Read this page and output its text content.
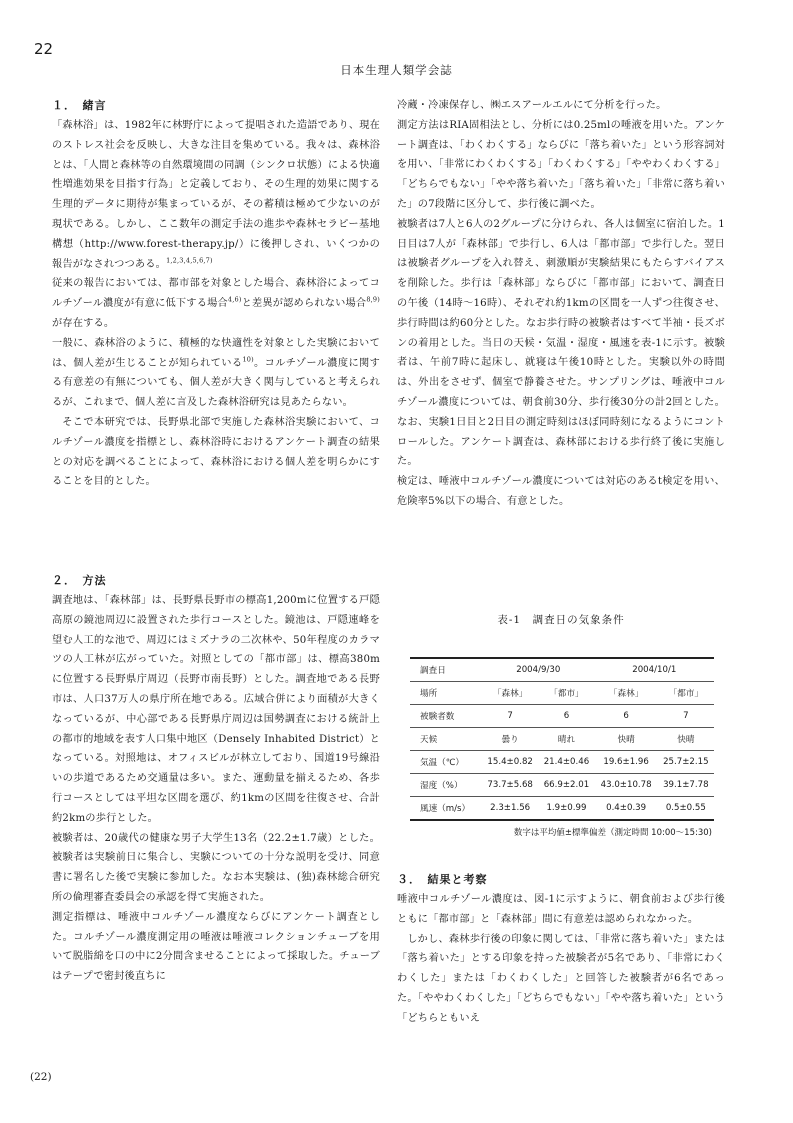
22
日本生理人類学会誌
１．　緒言

「森林浴」は、1982年に林野庁によって提唱された造語であり、現在のストレス社会を反映し、大きな注目を集めている。我々は、森林浴とは、「人間と森林等の自然環境間の同調（シンクロ状態）による快適性増進効果を目指す行為」と定義しており、その生理的効果に関する生理的データに期待が集まっているが、その蓄積は極めて少ないのが現状である。しかし、ここ数年の測定手法の進歩や森林セラピー基地構想（http://www.forest-therapy.jp/）に後押しされ、いくつかの報告がなされつつある。$^{1,2,3,4,5,6,7)}$

従来の報告においては、都市部を対象とした場合、森林浴によってコルチゾール濃度が有意に低下する場合$^{4,6)}$と差異が認められない場合$^{8,9)}$が存在する。

一般に、森林浴のように、積極的な快適性を対象とした実験においては、個人差が生じることが知られている$^{10)}$。コルチゾール濃度に関する有意差の有無についても、個人差が大きく関与していると考えられるが、これまで、個人差に言及した森林浴研究は見あたらない。

そこで本研究では、長野県北部で実施した森林浴実験において、コルチゾール濃度を指標とし、森林浴時におけるアンケート調査の結果との対応を調べることによって、森林浴における個人差を明らかにすることを目的とした。

２．　方法

調査地は、「森林部」は、長野県長野市の標高1,200mに位置する戸隠高原の鏡池周辺に設置された歩行コースとした。鏡池は、戸隠連峰を望む人工的な池で、周辺にはミズナラの二次林や、50年程度のカラマツの人工林が広がっていた。対照としての「都市部」は、標高380mに位置する長野県庁周辺（長野市南長野）とした。調査地である長野市は、人口37万人の県庁所在地である。広域合併により面積が大きくなっているが、中心部である長野県庁周辺は国勢調査における統計上の都市的地域を表す人口集中地区（Densely Inhabited District）となっている。対照地は、オフィスビルが林立しており、国道19号線沿いの歩道であるため交通量は多い。また、運動量を揃えるため、各歩行コースとしては平坦な区間を選び、約1kmの区間を往復させ、合計約2kmの歩行とした。

被験者は、20歳代の健康な男子大学生13名（22.2±1.7歳）とした。被験者は実験前日に集合し、実験についての十分な説明を受け、同意書に署名した後で実験に参加した。なお本実験は、(独)森林総合研究所の倫理審査委員会の承認を得て実施された。

測定指標は、唾液中コルチゾール濃度ならびにアンケート調査とした。コルチゾール濃度測定用の唾液は唾液コレクションチューブを用いて脱脂綿を口の中に2分間含ませることによって採取した。チューブはテープで密封後直ちに

冷蔵・冷凍保存し、㈱エスアールエルにて分析を行った。

測定方法はRIA固相法とし、分析には0.25mlの唾液を用いた。アンケート調査は、「わくわくする」ならびに「落ち着いた」という形容詞対を用い、「非常にわくわくする」「わくわくする」「ややわくわくする」「どちらでもない」「やや落ち着いた」「落ち着いた」「非常に落ち着いた」の7段階に区分して、歩行後に調べた。

被験者は7人と6人の2グループに分けられ、各人は個室に宿泊した。1日目は7人が「森林部」で歩行し、6人は「都市部」で歩行した。翌日は被験者グループを入れ替え、刺激順が実験結果にもたらすバイアスを削除した。歩行は「森林部」ならびに「都市部」において、調査日の午後（14時〜16時）、それぞれ約1kmの区間を一人ずつ往復させ、歩行時間は約60分とした。なお歩行時の被験者はすべて半袖・長ズボンの着用とした。当日の天候・気温・湿度・風速を表-1に示す。被験者は、午前7時に起床し、就寝は午後10時とした。実験以外の時間は、外出をさせず、個室で静養させた。サンプリングは、唾液中コルチゾール濃度については、朝食前30分、歩行後30分の計2回とした。なお、実験1日目と2日目の測定時刻はほぼ同時刻になるようにコントロールした。アンケート調査は、森林部における歩行終了後に実施した。

検定は、唾液中コルチゾール濃度については対応のあるt検定を用い、危険率5%以下の場合、有意とした。

表-1　調査日の気象条件
調査日	2004/9/30		2004/10/1	
場所	「森林」	「都市」	「森林」	「都市」
被験者数	7	6	6	7
天候	曇り	晴れ	快晴	快晴
気温（℃）	15.4±0.82	21.4±0.46	19.6±1.96	25.7±2.15
湿度（%）	73.7±5.68	66.9±2.01	43.0±10.78	39.1±7.78
風速（m/s）	2.3±1.56	1.9±0.99	0.4±0.39	0.5±0.55
数字は平均値±標準偏差（測定時間 10:00〜15:30)
３．　結果と考察

唾液中コルチゾール濃度は、図-1に示すように、朝食前および歩行後ともに「都市部」と「森林部」間に有意差は認められなかった。

しかし、森林歩行後の印象に関しては、「非常に落ち着いた」または「落ち着いた」とする印象を持った被験者が5名であり、「非常にわくわくした」または「わくわくした」と回答した被験者が6名であった。「ややわくわくした」「どちらでもない」「やや落ち着いた」という「どちらともいえ

(22)
